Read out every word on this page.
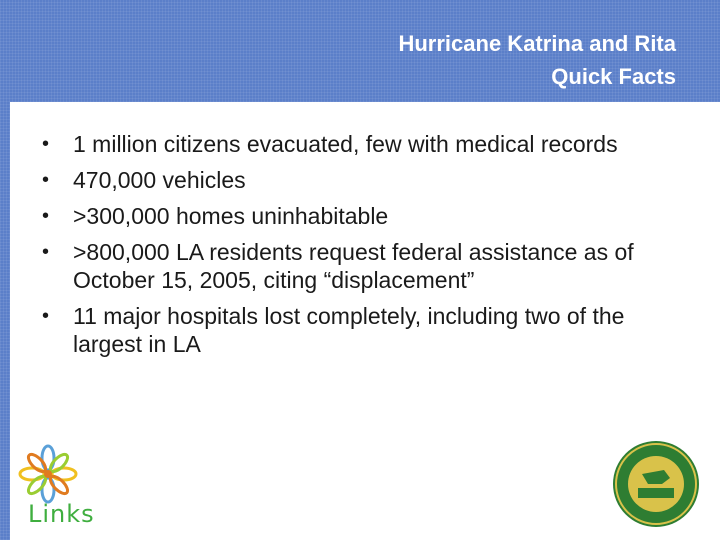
Hurricane Katrina and Rita
Quick Facts
• 1 million citizens evacuated, few with medical records
• 470,000 vehicles
• >300,000 homes uninhabitable
• >800,000 LA residents request federal assistance as of October 15, 2005, citing “displacement”
• 11 major hospitals lost completely, including two of the largest in LA
Links
